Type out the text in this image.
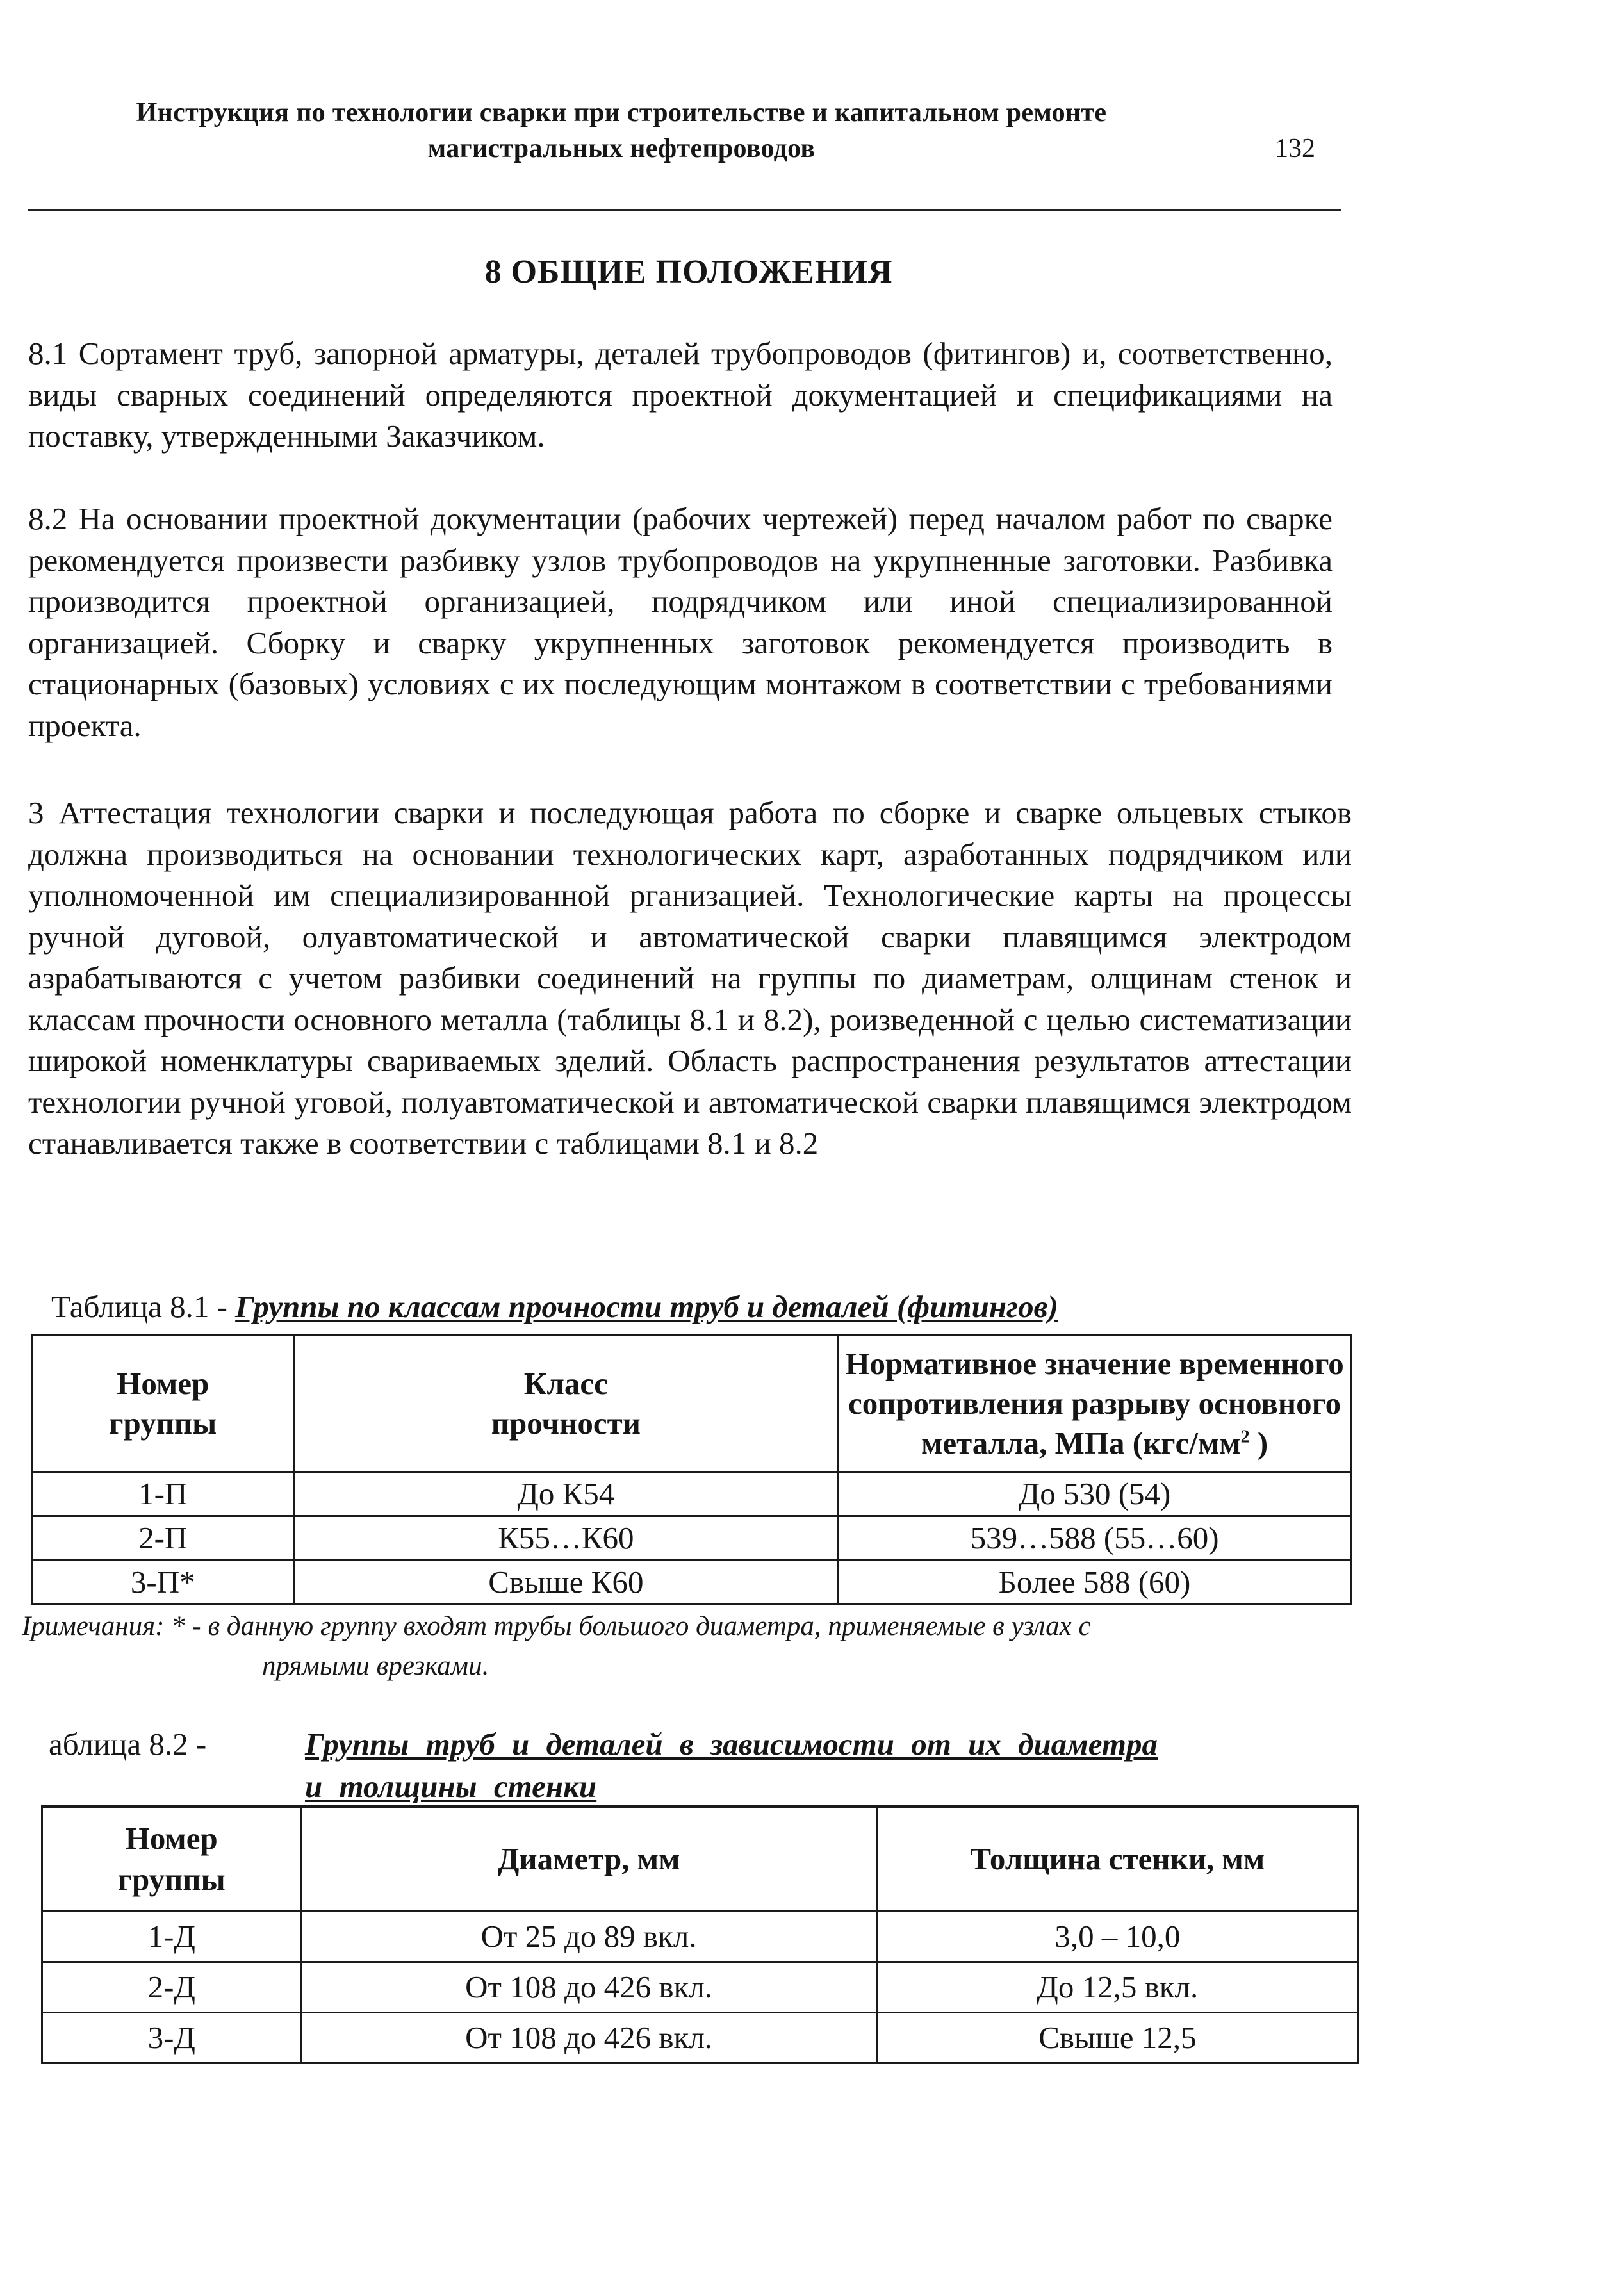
Инструкция по технологии сварки при строительстве и капитальном ремонте
магистральных нефтепроводов	132
8 ОБЩИЕ ПОЛОЖЕНИЯ
8.1 Сортамент труб, запорной арматуры, деталей трубопроводов (фитингов) и, соответственно, виды сварных соединений определяются проектной документацией и спецификациями на поставку, утвержденными Заказчиком.
8.2 На основании проектной документации (рабочих чертежей) перед началом работ по сварке рекомендуется произвести разбивку узлов трубопроводов на укрупненные заготовки. Разбивка производится проектной организацией, подрядчиком или иной специализированной организацией. Сборку и сварку укрупненных заготовок рекомендуется производить в стационарных (базовых) условиях с их последующим монтажом в соответствии с требованиями проекта.
3 Аттестация технологии сварки и последующая работа по сборке и сварке ольцевых стыков должна производиться на основании технологических карт, азработанных подрядчиком или уполномоченной им специализированной рганизацией. Технологические карты на процессы ручной дуговой, олуавтоматической и автоматической сварки плавящимся электродом азрабатываются с учетом разбивки соединений на группы по диаметрам, олщинам стенок и классам прочности основного металла (таблицы 8.1 и 8.2), роизведенной с целью систематизации широкой номенклатуры свариваемых зделий. Область распространения результатов аттестации технологии ручной уговой, полуавтоматической и автоматической сварки плавящимся электродом станавливается также в соответствии с таблицами 8.1 и 8.2
Таблица 8.1 - Группы по классам прочности труб и деталей (фитингов)
Номер группы	Класс прочности	Нормативное значение временного сопротивления разрыву основного металла, МПа ($кгс/мм^2$ )
1-П	До К54	До 530 (54)
2-П	К55…К60	539…588 (55…60)
3-П*	Свыше К60	Более 588 (60)
Іримечания: * - в данную группу входят трубы большого диаметра, применяемые в узлах с
прямыми врезками.
аблица 8.2 -	Группы труб и деталей в зависимости от их диаметра
и толщины стенки
Номер группы	Диаметр, мм	Толщина стенки, мм
1-Д	От 25 до 89 вкл.	3,0 – 10,0
2-Д	От 108 до 426 вкл.	До 12,5 вкл.
3-Д	От 108 до 426 вкл.	Свыше 12,5
